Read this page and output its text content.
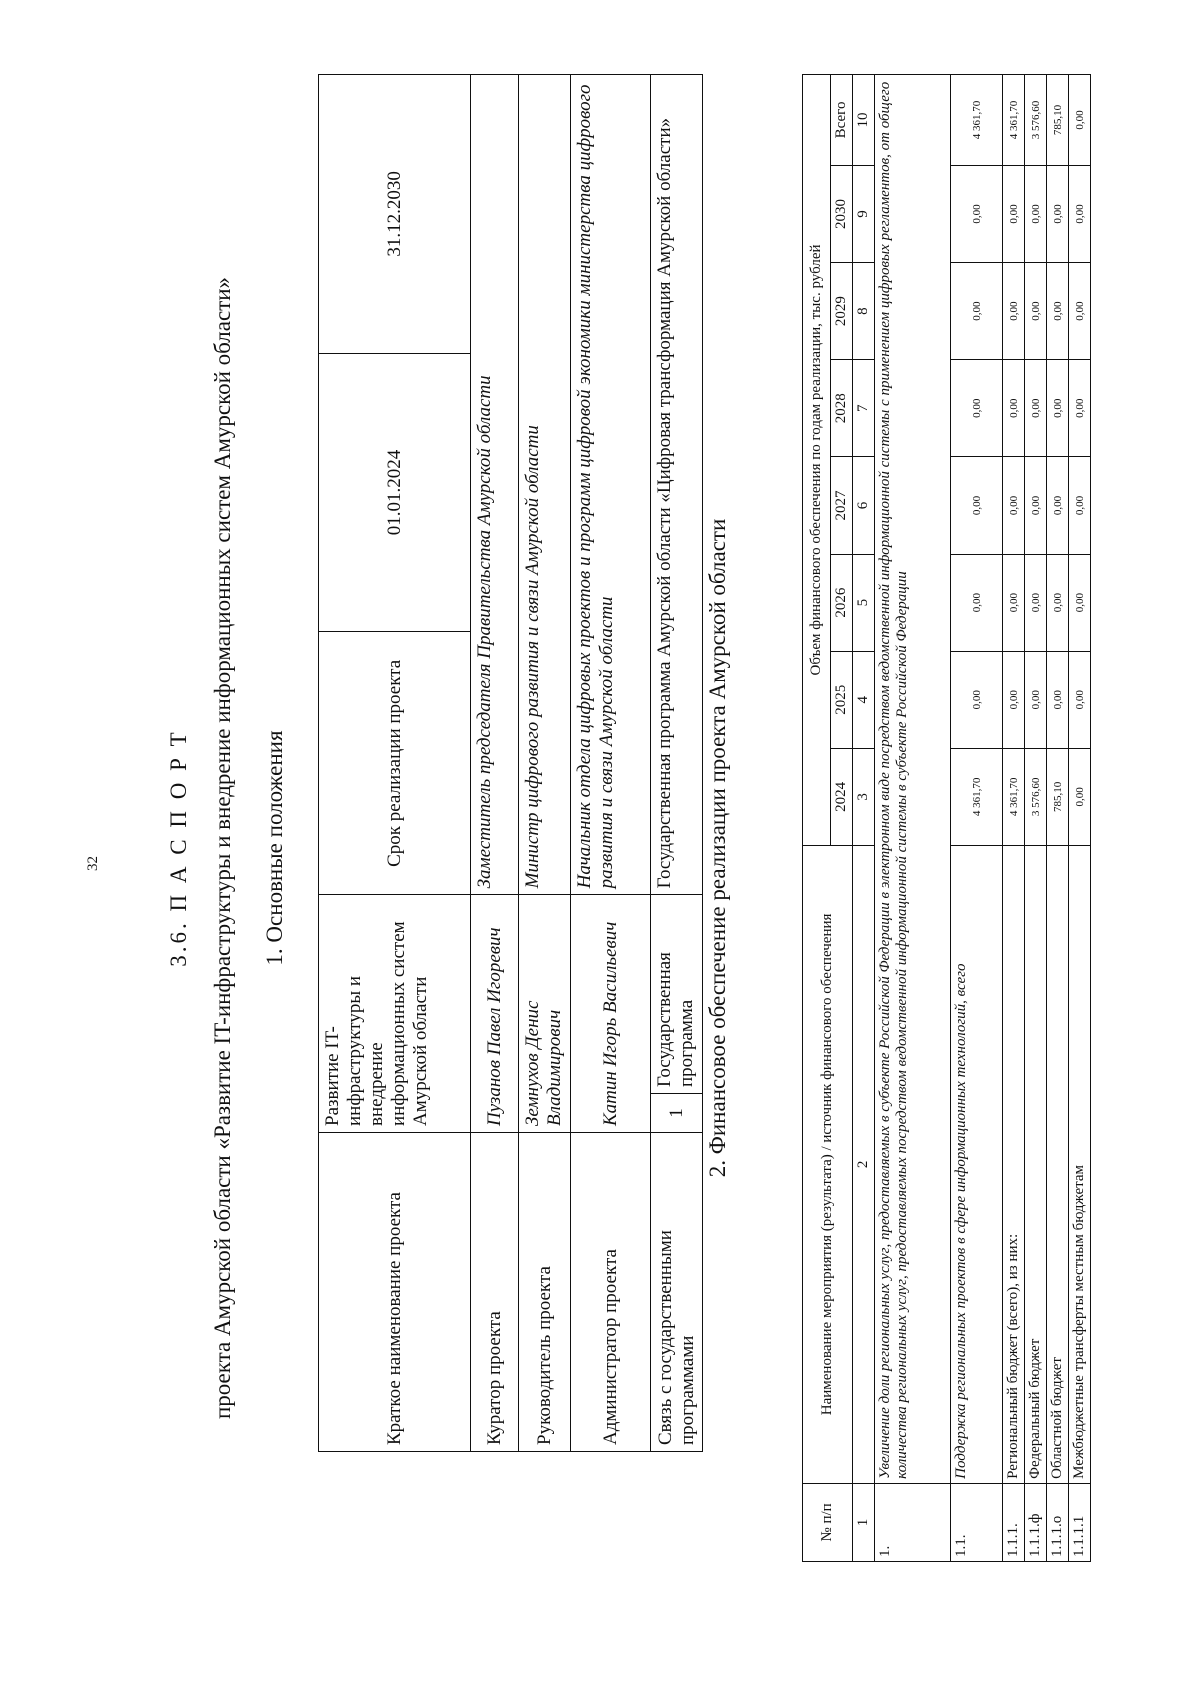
32	3.6. П А С П О Р Т проекта Амурской области «Развитие IT-инфраструктуры и внедрение информационных систем Амурской области» 1. Основные положения
Краткое наименование проекта	Развитие IT-инфраструктуры и внедрение информационных систем Амурской области		Срок реализации проекта	01.01.2024	31.12.2030
Куратор проекта	Пузанов Павел Игоревич		Заместитель председателя Правительства Амурской области		
Руководитель проекта	Земнухов Денис Владимирович		Министр цифрового развития и связи Амурской области		
Администратор проекта	Катин Игорь Васильевич		Начальник отдела цифровых проектов и программ цифровой экономики министерства цифрового развития и связи Амурской области		
Связь с государственными программами	1	Государственная программа	Государственная программа Амурской области «Цифровая трансформация Амурской области»		2. Финансовое обеспечение реализации проекта Амурской области
№ п/п	Наименование мероприятия (результата) / источник финансового обеспечения	Объем финансового обеспечения по годам реализации, тыс. рублей							
		2024	2025	2026	2027	2028	2029	2030	Всего
1	2	3	4	5	6	7	8	9	10
1.	Увеличение доли региональных услуг, предоставляемых в субъекте Российской Федерации в электронном виде посредством ведомственной информационной системы с применением цифровых регламентов, от общего количества региональных услуг, предоставляемых посредством ведомственной информационной системы в субъекте Российской Федерации								
1.1.	Поддержка региональных проектов в сфере информационных технологий, всего	4 361,70	0,00	0,00	0,00	0,00	0,00	0,00	4 361,70
1.1.1.	Региональный бюджет (всего), из них:	4 361,70	0,00	0,00	0,00	0,00	0,00	0,00	4 361,70
1.1.1.ф	Федеральный бюджет	3 576,60	0,00	0,00	0,00	0,00	0,00	0,00	3 576,60
1.1.1.о	Областной бюджет	785,10	0,00	0,00	0,00	0,00	0,00	0,00	785,10
1.1.1.1	Межбюджетные трансферты местным бюджетам	0,00	0,00	0,00	0,00	0,00	0,00	0,00	0,00
